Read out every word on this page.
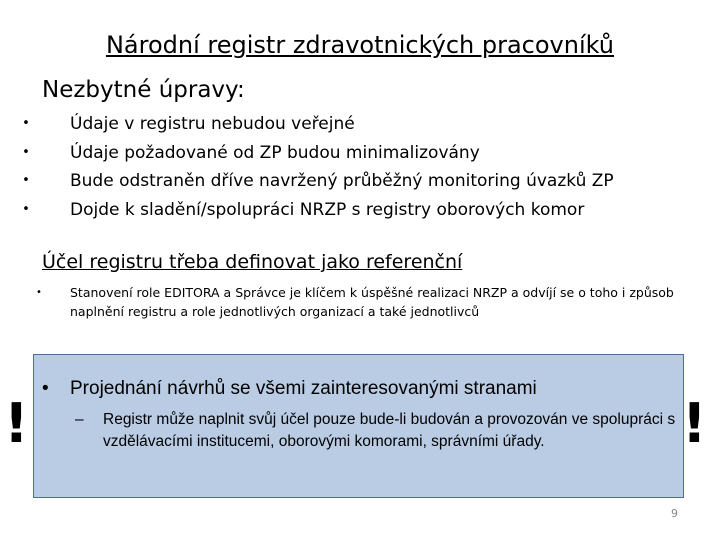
Národní registr zdravotnických pracovníků
Nezbytné úpravy:
• Údaje v registru nebudou veřejné
• Údaje požadované od ZP budou minimalizovány
• Bude odstraněn dříve navržený průběžný monitoring úvazků ZP
• Dojde k sladění/spolupráci NRZP s registry oborových komor
Účel registru třeba definovat jako referenční
•	Stanovení role EDITORA a Správce je klíčem k úspěšné realizaci NRZP a odvíjí se o toho i způsob naplnění registru a role jednotlivých organizací a také jednotlivců
!	!
• Projednání návrhů se všemi zainteresovanými stranami
–	Registr může naplnit svůj účel pouze bude-li budován a provozován ve spolupráci s vzdělávacími institucemi, oborovými komorami, správními úřady.
9
